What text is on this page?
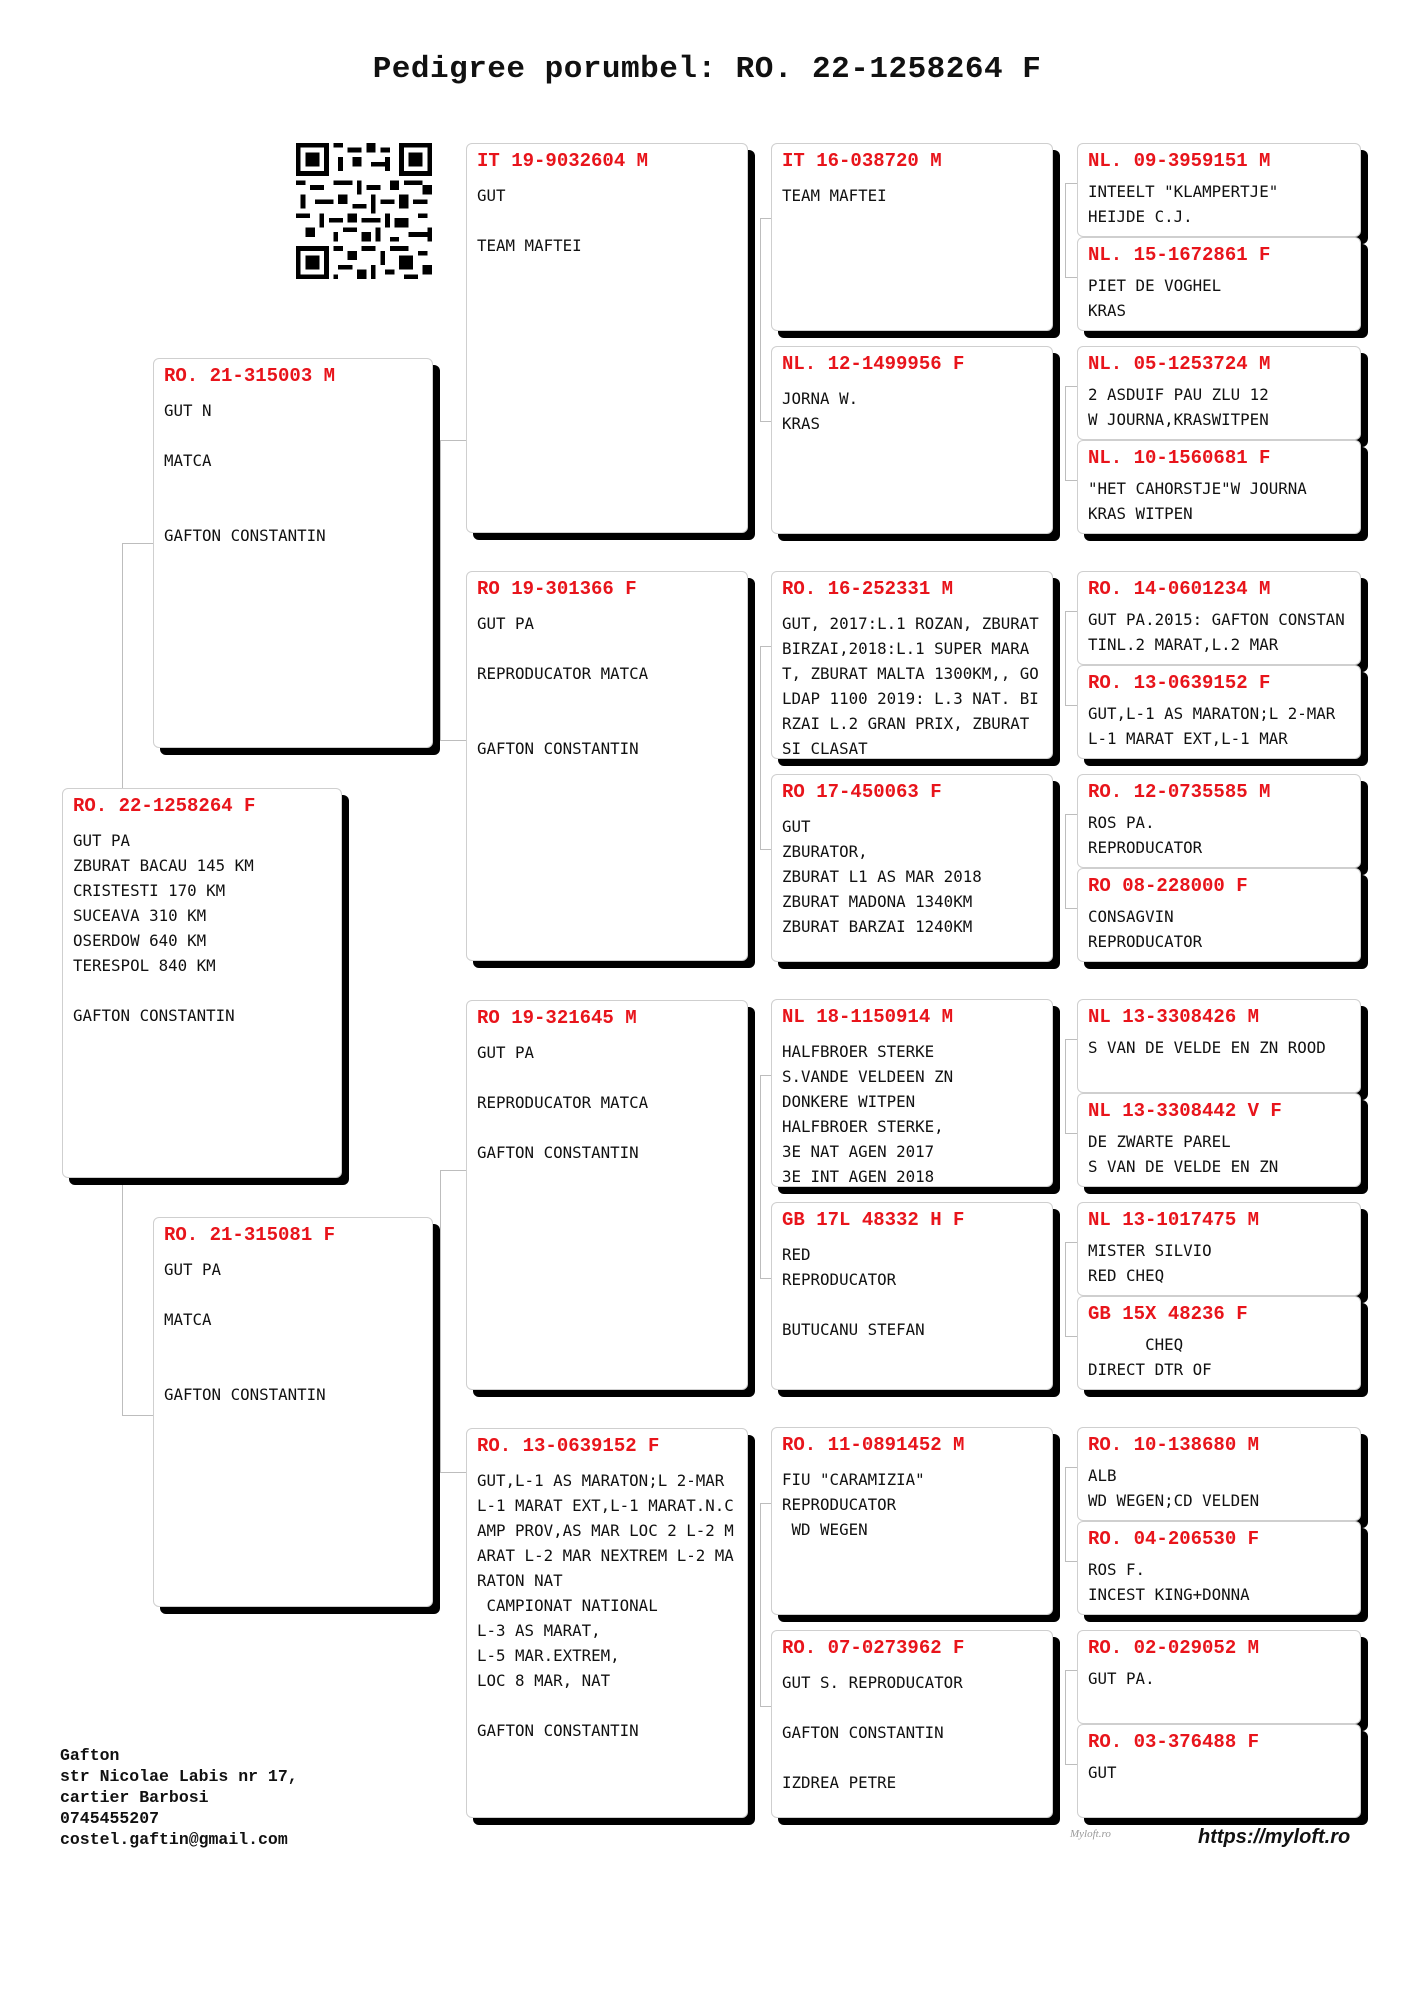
Pedigree porumbel: RO. 22-1258264 F
RO. 22-1258264 F
GUT PA
ZBURAT BACAU 145 KM
CRISTESTI 170 KM
SUCEAVA 310 KM
OSERDOW 640 KM
TERESPOL 840 KM

GAFTON CONSTANTIN
RO. 21-315003 M
GUT N

MATCA

GAFTON CONSTANTIN
RO. 21-315081 F
GUT PA

MATCA

GAFTON CONSTANTIN
IT 19-9032604 M
GUT

TEAM MAFTEI
RO 19-301366 F
GUT PA

REPRODUCATOR MATCA

GAFTON CONSTANTIN
RO 19-321645 M
GUT PA

REPRODUCATOR MATCA

GAFTON CONSTANTIN
RO. 13-0639152 F
GUT,L-1 AS MARATON;L 2-MAR L-1 MARAT EXT,L-1 MARAT.N.CAMP PROV,AS MAR LOC 2 L-2 MARAT L-2 MAR NEXTREM L-2 MARATON NAT
CAMPIONAT NATIONAL
L-3 AS MARAT,
L-5 MAR.EXTREM,
LOC 8 MAR, NAT

GAFTON CONSTANTIN
IT 16-038720 M
TEAM MAFTEI
NL. 12-1499956 F
JORNA W.
KRAS
RO. 16-252331 M
GUT, 2017:L.1 ROZAN, ZBURAT BIRZAI,2018:L.1 SUPER MARAT, ZBURAT MALTA 1300KM,, GOLDAP 1100 2019: L.3 NAT. BIRZAI L.2 GRAN PRIX, ZBURAT SI CLASAT
RO 17-450063 F
GUT
ZBURATOR,
ZBURAT L1 AS MAR 2018
ZBURAT MADONA 1340KM
ZBURAT BARZAI 1240KM
NL 18-1150914 M
HALFBROER STERKE
S.VANDE VELDEEN ZN
DONKERE WITPEN
HALFBROER STERKE,
3E NAT AGEN 2017
3E INT AGEN 2018
GB 17L 48332 H F
RED
REPRODUCATOR

BUTUCANU STEFAN
RO. 11-0891452 M
FIU "CARAMIZIA"
REPRODUCATOR
WD WEGEN
RO. 07-0273962 F
GUT S. REPRODUCATOR

GAFTON CONSTANTIN

IZDREA PETRE
NL. 09-3959151 M
INTEELT "KLAMPERTJE"
HEIJDE C.J.
NL. 15-1672861 F
PIET DE VOGHEL
KRAS
NL. 05-1253724 M
2 ASDUIF PAU ZLU 12
W JOURNA,KRASWITPEN
NL. 10-1560681 F
"HET CAHORSTJE"W JOURNA
KRAS WITPEN
RO. 14-0601234 M
GUT PA.2015: GAFTON CONSTANTINL.2 MARAT,L.2 MAR
RO. 13-0639152 F
GUT,L-1 AS MARATON;L 2-MAR L-1 MARAT EXT,L-1 MAR
RO. 12-0735585 M
ROS PA.
REPRODUCATOR
RO 08-228000 F
CONSAGVIN
REPRODUCATOR
NL 13-3308426 M
S VAN DE VELDE EN ZN ROOD
NL 13-3308442 V F
DE ZWARTE PAREL
S VAN DE VELDE EN ZN
NL 13-1017475 M
MISTER SILVIO
RED CHEQ
GB 15X 48236 F
CHEQ
DIRECT DTR OF
RO. 10-138680 M
ALB
WD WEGEN;CD VELDEN
RO. 04-206530 F
ROS F.
INCEST KING+DONNA
RO. 02-029052 M
GUT PA.
RO. 03-376488 F
GUT
Gafton
str Nicolae Labis nr 17,
cartier Barbosi
0745455207
costel.gaftin@gmail.com	Myloft.ro	https://myloft.ro
